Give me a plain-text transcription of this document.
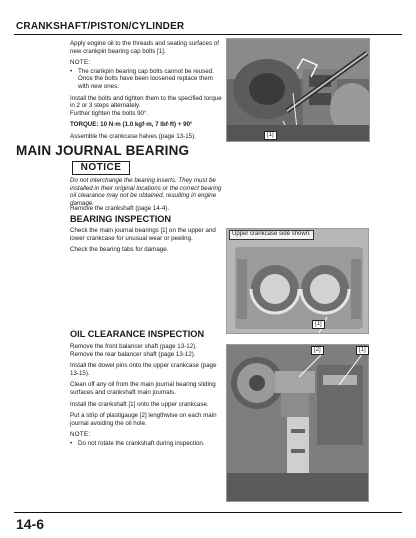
CRANKSHAFT/PISTON/CYLINDER

Apply engine oil to the threads and seating surfaces of new crankpin bearing cap bolts [1].

NOTE:

• The crankpin bearing cap bolts cannot be reused. Once the bolts have been loosened replace them with new ones.

Install the bolts and tighten them to the specified torque in 2 or 3 steps alternately.

Further tighten the bolts 90°.

TORQUE: 10 N·m (1.0 kgf·m, 7 lbf·ft) + 90°

Assemble the crankcase halves (page 13-15).	[1]
MAIN JOURNAL BEARING
NOTICE

Do not interchange the bearing inserts. They must be installed in their original locations or the correct bearing oil clearance may not be obtained, resulting in engine damage.

Remove the crankshaft (page 14-4).

BEARING INSPECTION

Check the main journal bearings [1] on the upper and lower crankcase for unusual wear or peeling.

Check the bearing tabs for damage.

Upper crankcase side shown:
[1]
OIL CLEARANCE INSPECTION

Remove the front balancer shaft (page 13-12).

Remove the rear balancer shaft (page 13-12).

Install the dowel pins onto the upper crankcase (page 13-15).

Clean off any oil from the main journal bearing sliding surfaces and crankshaft main journals.

Install the crankshaft [1] onto the upper crankcase.

Put a strip of plastigauge [2] lengthwise on each main journal avoiding the oil hole.

NOTE:

• Do not rotate the crankshaft during inspection.
[2]	[1]
14-6
